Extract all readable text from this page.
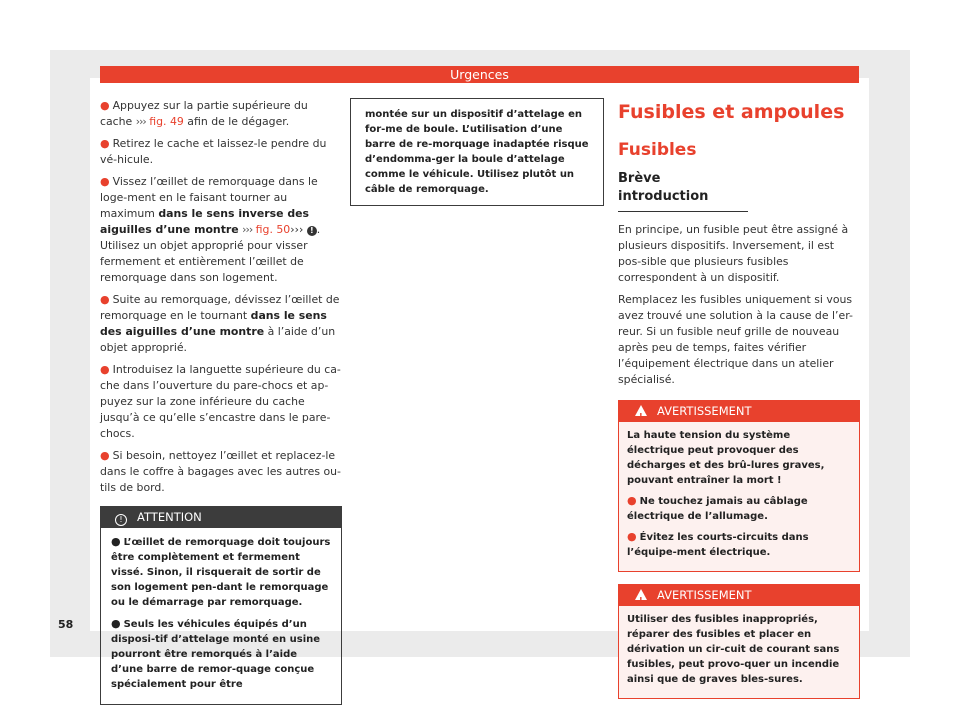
Urgences

● Appuyez sur la partie supérieure du cache ››› fig. 49 afin de le dégager.

● Retirez le cache et laissez-le pendre du vé-hicule.

● Vissez l’œillet de remorquage dans le loge-ment en le faisant tourner au maximum dans le sens inverse des aiguilles d’une montre ››› fig. 50››› ! . Utilisez un objet approprié pour visser fermement et entièrement l’œillet de remorquage dans son logement.

● Suite au remorquage, dévissez l’œillet de remorquage en le tournant dans le sens des aiguilles d’une montre à l’aide d’un objet approprié.

● Introduisez la languette supérieure du ca-che dans l’ouverture du pare-chocs et ap-puyez sur la zone inférieure du cache jusqu’à ce qu’elle s’encastre dans le pare-chocs.

● Si besoin, nettoyez l’œillet et replacez-le dans le coffre à bagages avec les autres ou-tils de bord.

! ATTENTION

● L’œillet de remorquage doit toujours être complètement et fermement vissé. Sinon, il risquerait de sortir de son logement pen-dant le remorquage ou le démarrage par remorquage.

● Seuls les véhicules équipés d’un disposi-tif d’attelage monté en usine pourront être remorqués à l’aide d’une barre de remor-quage conçue spécialement pour être

montée sur un dispositif d’attelage en for-me de boule. L’utilisation d’une barre de re-morquage inadaptée risque d’endomma-ger la boule d’attelage comme le véhicule. Utilisez plutôt un câble de remorquage.

Fusibles et ampoules
Fusibles
Brève introduction

En principe, un fusible peut être assigné à plusieurs dispositifs. Inversement, il est pos-sible que plusieurs fusibles correspondent à un dispositif.

Remplacez les fusibles uniquement si vous avez trouvé une solution à la cause de l’er-reur. Si un fusible neuf grille de nouveau après peu de temps, faites vérifier l’équipement électrique dans un atelier spécialisé.

!AVERTISSEMENT

La haute tension du système électrique peut provoquer des décharges et des brû-lures graves, pouvant entraîner la mort !

● Ne touchez jamais au câblage électrique de l’allumage.

● Évitez les courts-circuits dans l’équipe-ment électrique.

!AVERTISSEMENT

Utiliser des fusibles inappropriés, réparer des fusibles et placer en dérivation un cir-cuit de courant sans fusibles, peut provo-quer un incendie ainsi que de graves bles-sures.

58
